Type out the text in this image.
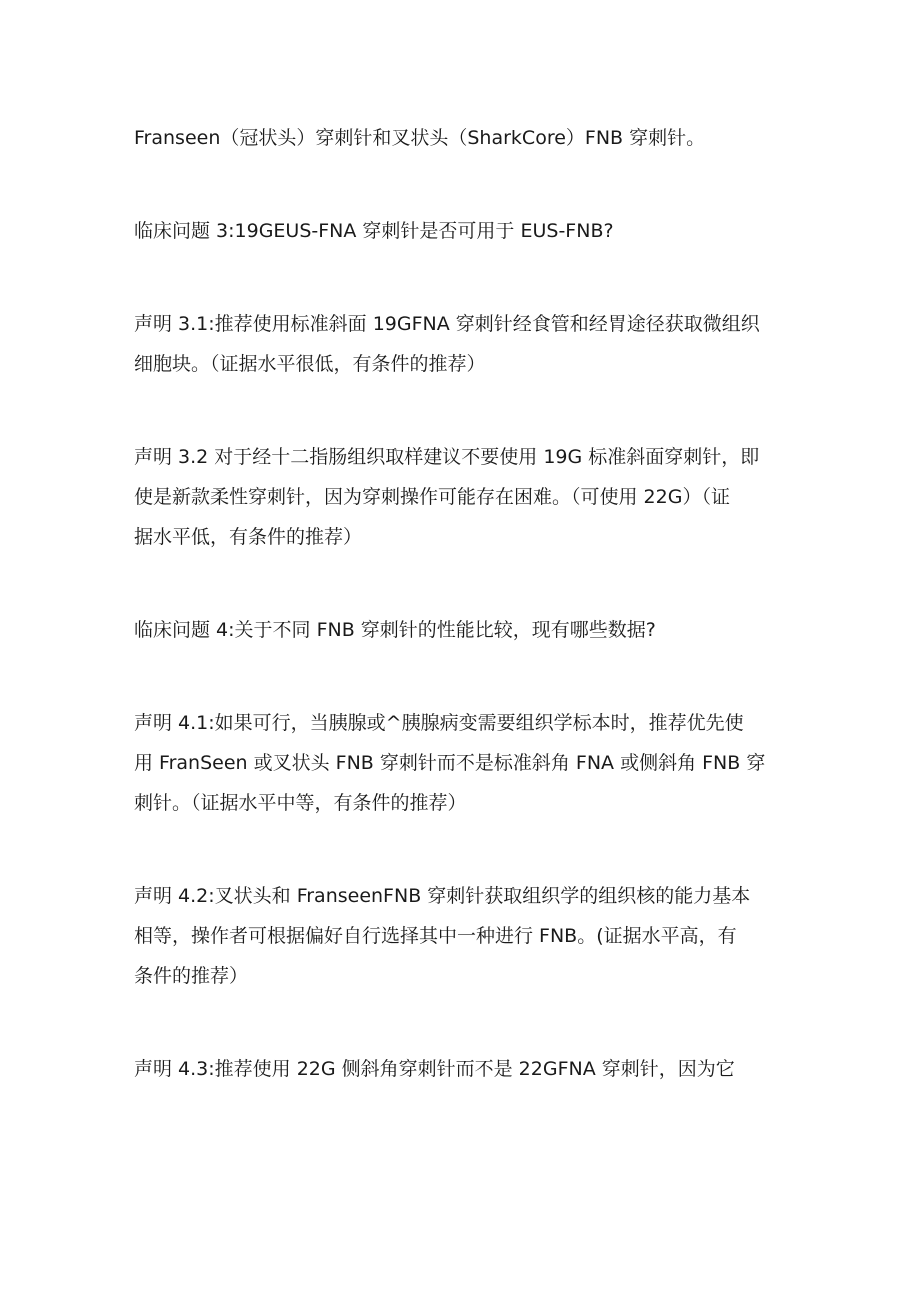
Franseen（冠状头）穿刺针和叉状头（SharkCore）FNB 穿刺针。

临床问题 3:19GEUS-FNA 穿刺针是否可用于 EUS-FNB?

声明 3.1:推荐使用标准斜面 19GFNA 穿刺针经食管和经胃途径获取微组织
细胞块。（证据水平很低，有条件的推荐）

声明 3.2 对于经十二指肠组织取样建议不要使用 19G 标准斜面穿刺针，即
使是新款柔性穿刺针，因为穿刺操作可能存在困难。（可使用 22G）（证
据水平低，有条件的推荐）

临床问题 4:关于不同 FNB 穿刺针的性能比较，现有哪些数据?

声明 4.1:如果可行，当胰腺或^胰腺病变需要组织学标本时，推荐优先使
用 FranSeen 或叉状头 FNB 穿刺针而不是标准斜角 FNA 或侧斜角 FNB 穿
刺针。（证据水平中等，有条件的推荐）

声明 4.2:叉状头和 FranseenFNB 穿刺针获取组织学的组织核的能力基本
相等，操作者可根据偏好自行选择其中一种进行 FNB。(证据水平高，有
条件的推荐）

声明 4.3:推荐使用 22G 侧斜角穿刺针而不是 22GFNA 穿刺针，因为它
